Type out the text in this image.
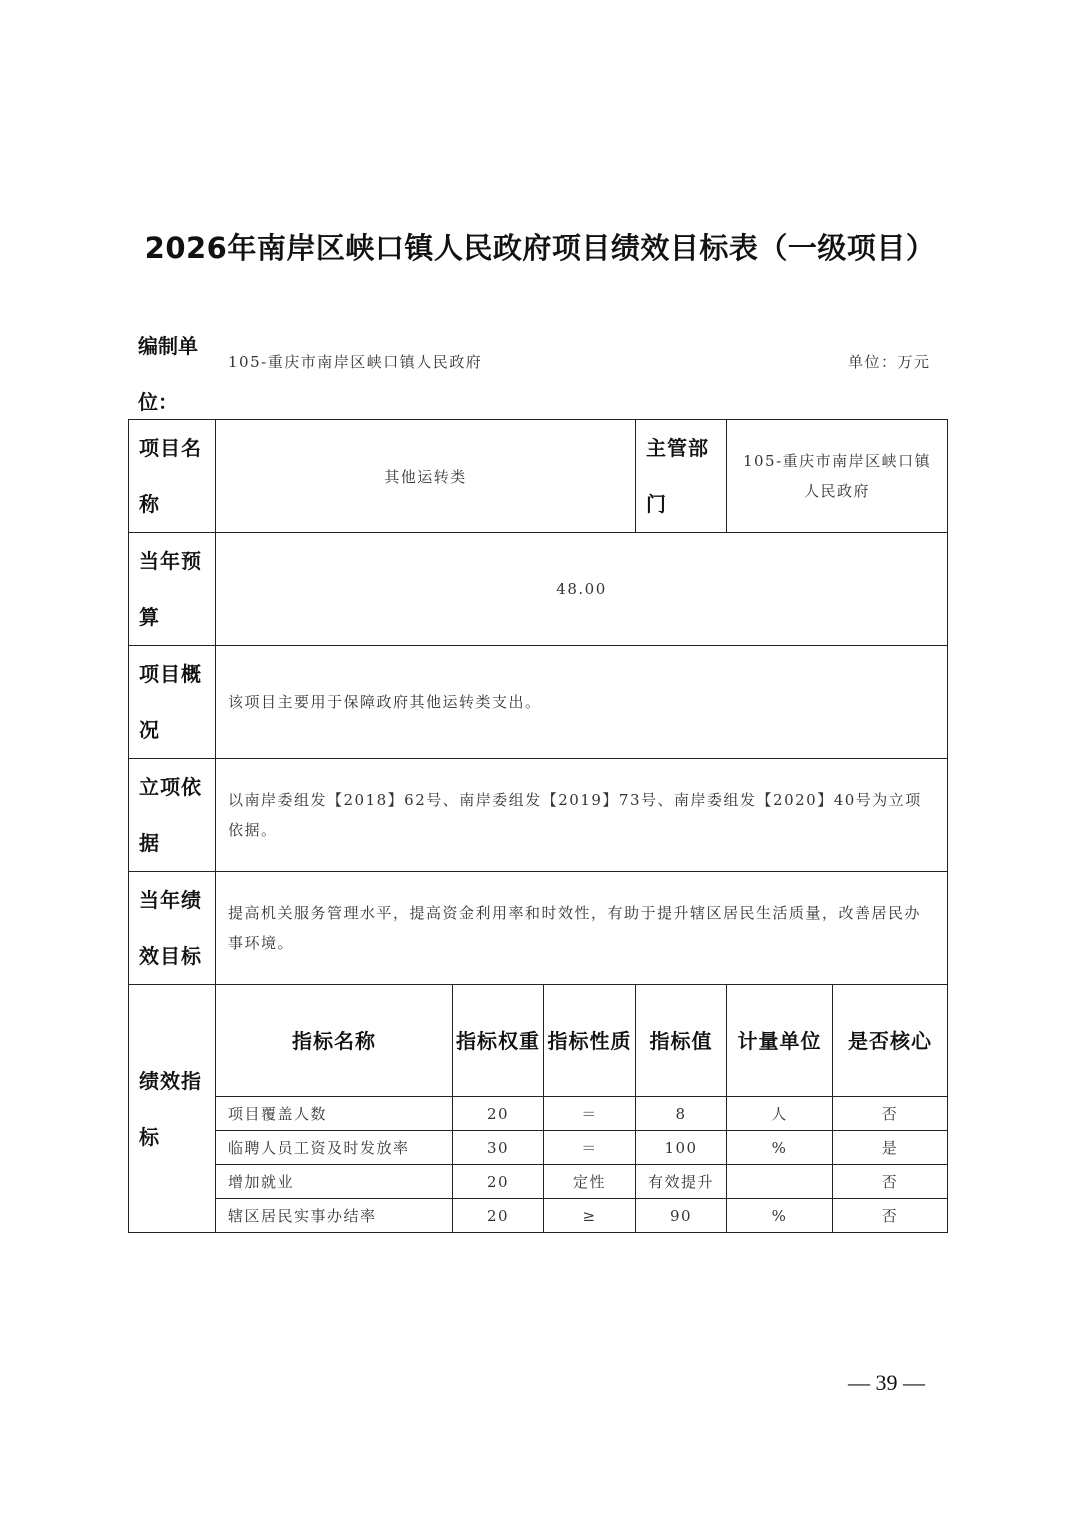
2026年南岸区峡口镇人民政府项目绩效目标表（一级项目）
编制单位：
105-重庆市南岸区峡口镇人民政府	单位：万元
项目名称	其他运转类			主管部门	105-重庆市南岸区峡口镇人民政府	
当年预算	48.00					
项目概况	该项目主要用于保障政府其他运转类支出。					
立项依据	以南岸委组发【2018】62号、南岸委组发【2019】73号、南岸委组发【2020】40号为立项依据。					
当年绩效目标	提高机关服务管理水平，提高资金利用率和时效性，有助于提升辖区居民生活质量，改善居民办事环境。					
绩效指标	指标名称	指标权重	指标性质	指标值	计量单位	是否核心
	项目覆盖人数	20	＝	8	人	否
	临聘人员工资及时发放率	30	＝	100	%	是
	增加就业	20	定性	有效提升		否
	辖区居民实事办结率	20	≥	90	%	否
— 39 —
